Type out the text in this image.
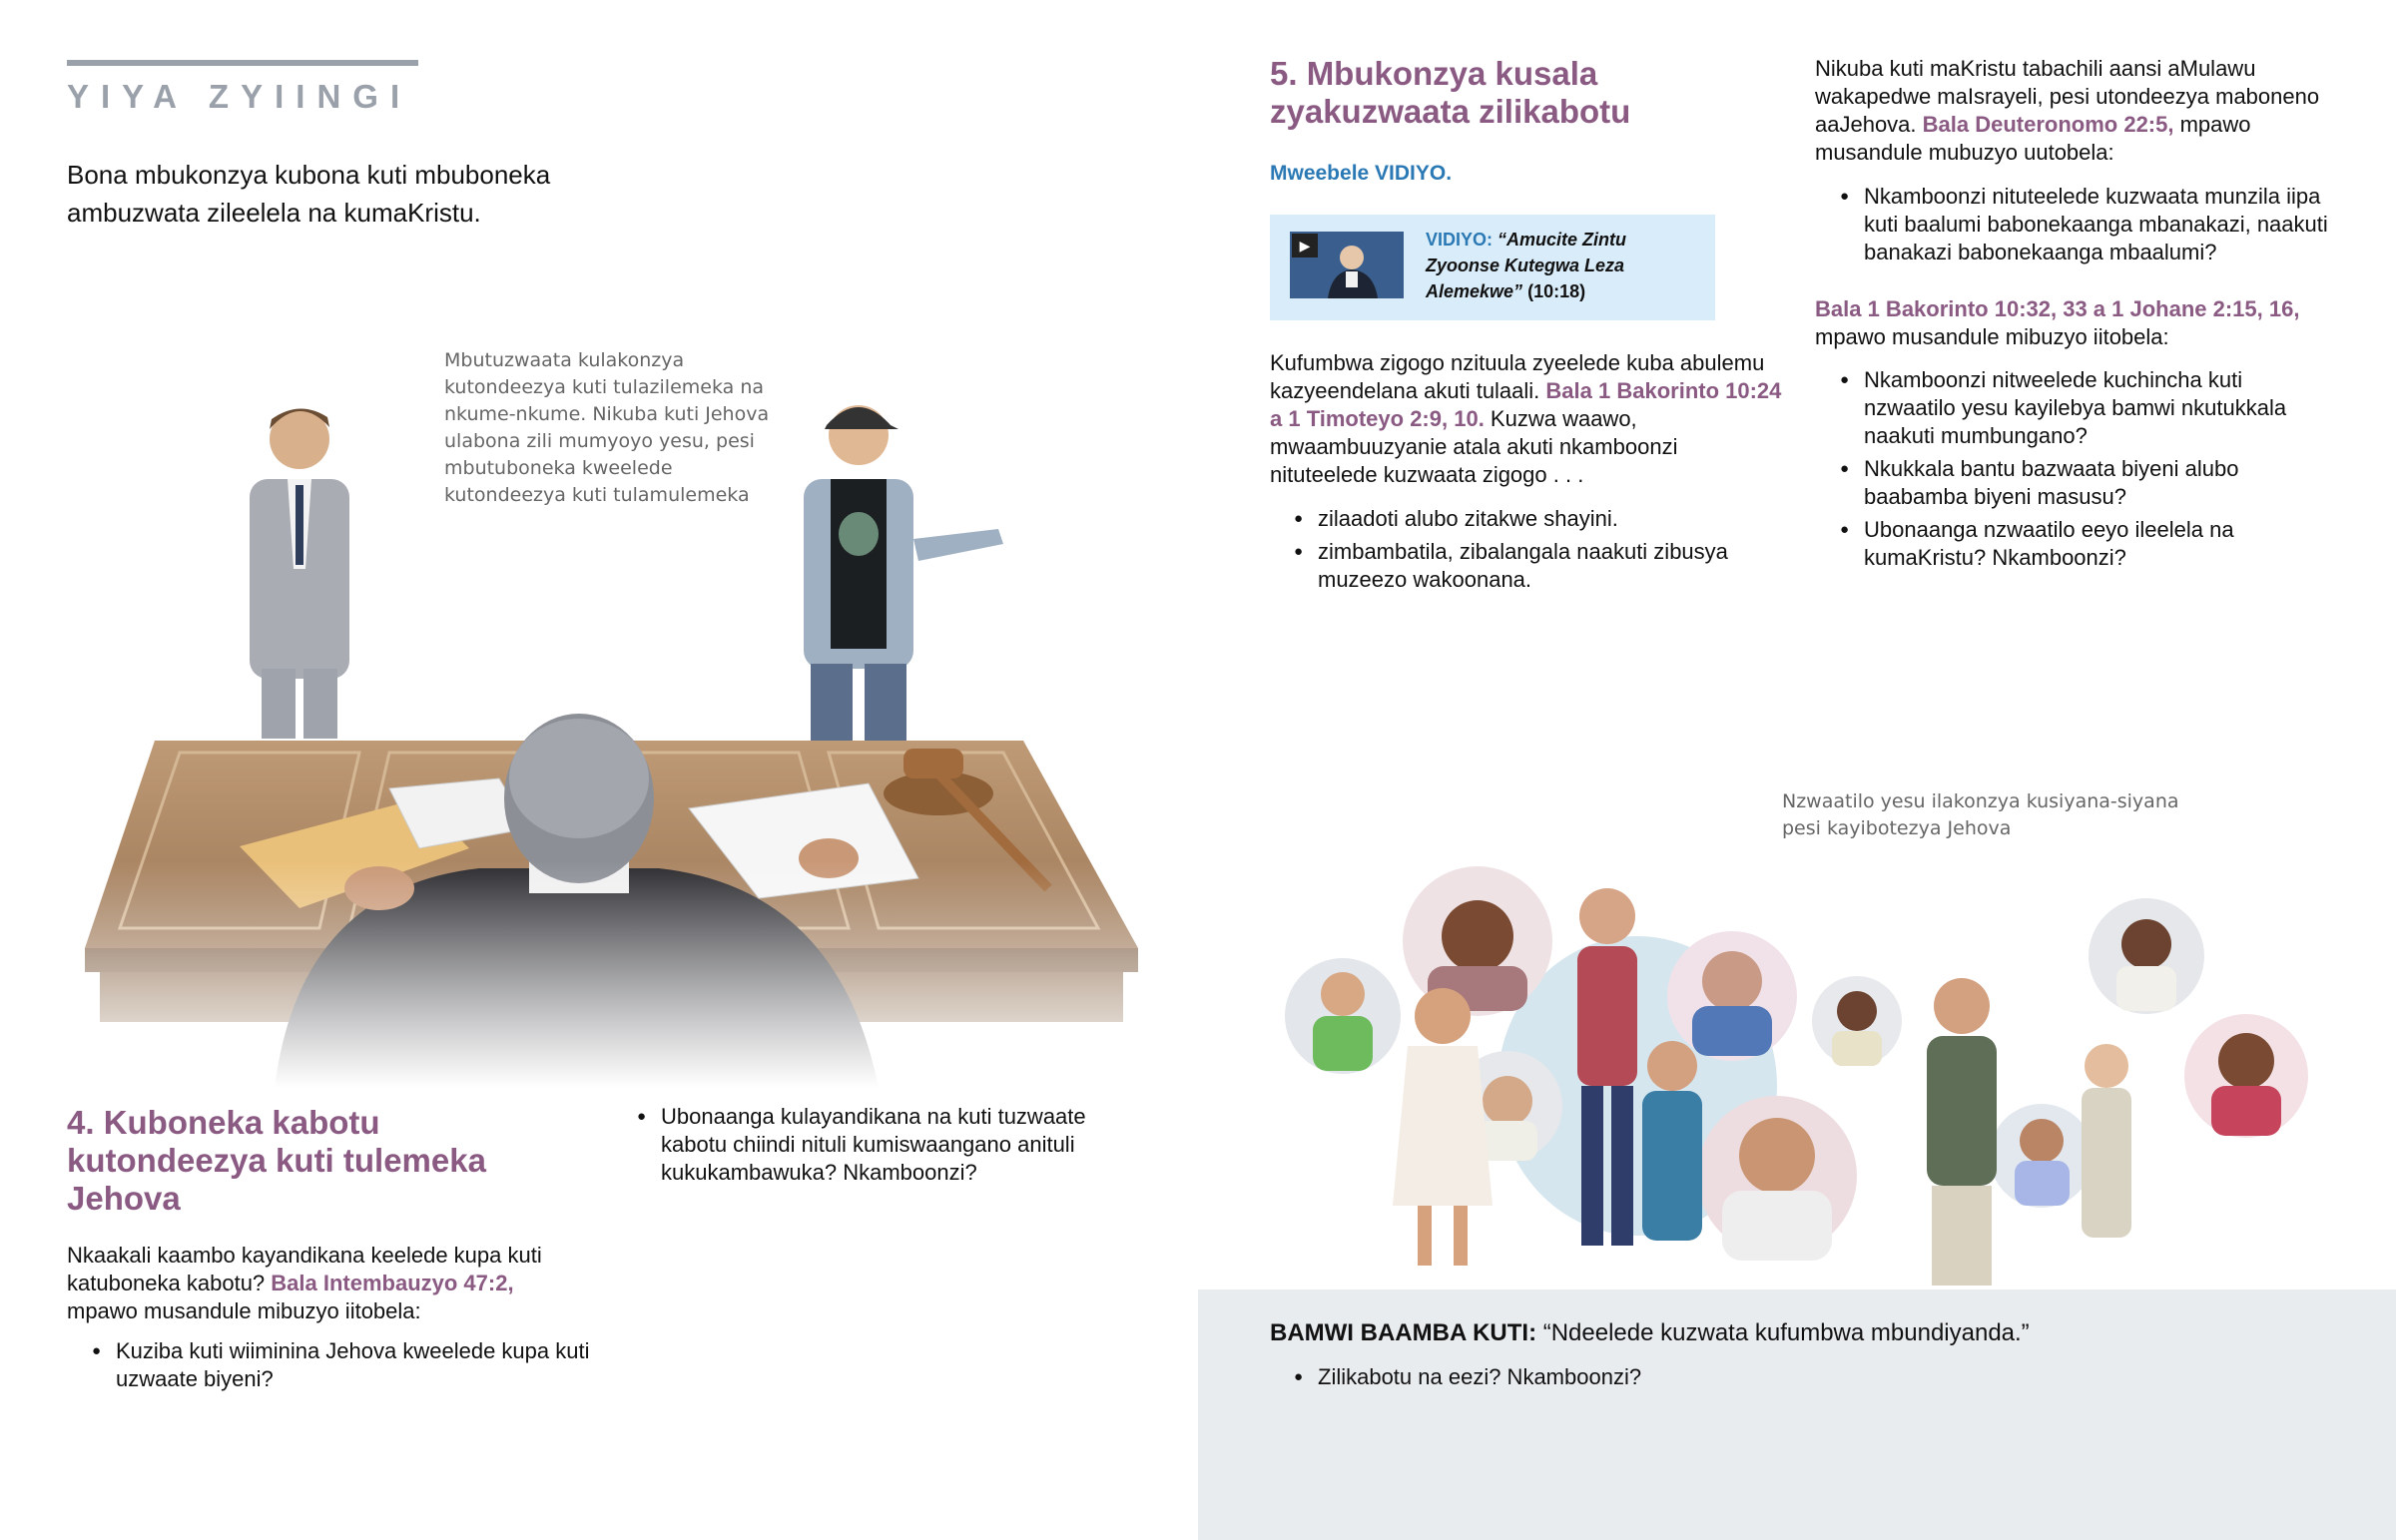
YIYA ZYIINGI
Bona mbukonzya kubona kuti mbuboneka ambuzwata zileelela na kumaKristu.
Mbutuzwaata kulakonzya kutondeezya kuti tulazilemeka na nkume-nkume. Nikuba kuti Jehova ulabona zili mumyoyo yesu, pesi mbutuboneka kweelede kutondeezya kuti tulamulemeka
4. Kuboneka kabotu kutondeezya kuti tulemeka Jehova
Nkaakali kaambo kayandikana keelede kupa kuti katuboneka kabotu? Bala Intembauzyo 47:2, mpawo musandule mibuzyo iitobela:
● Kuziba kuti wiiminina Jehova kweelede kupa kuti uzwaate biyeni?
● Ubonaanga kulayandikana na kuti tuzwaate kabotu chiindi nituli kumiswaangano anituli kukukambawuka? Nkamboonzi?
5. Mbukonzya kusala zyakuzwaata zilikabotu
Mweebele VIDIYO.
▶	VIDIYO: “Amucite Zintu Zyoonse Kutegwa Leza Alemekwe” (10:18)
Kufumbwa zigogo nzituula zyeelede kuba abulemu kazyeendelana akuti tulaali. Bala 1 Bakorinto 10:24 a 1 Timoteyo 2:9, 10. Kuzwa waawo, mwaambuuzyanie atala akuti nkamboonzi nituteelede kuzwaata zigogo . . .
● zilaadoti alubo zitakwe shayini.
● zimbambatila, zibalangala naakuti zibusya muzeezo wakoonana.
Nikuba kuti maKristu tabachili aansi aMulawu wakapedwe maIsrayeli, pesi utondeezya maboneno aaJehova. Bala Deuteronomo 22:5, mpawo musandule mubuzyo uutobela:
● Nkamboonzi nituteelede kuzwaata munzila iipa kuti baalumi babonekaanga mbanakazi, naakuti banakazi babonekaanga mbaalumi?
Bala 1 Bakorinto 10:32, 33 a 1 Johane 2:15, 16, mpawo musandule mibuzyo iitobela:
● Nkamboonzi nitweelede kuchincha kuti nzwaatilo yesu kayilebya bamwi nkutukkala naakuti mumbungano?
● Nkukkala bantu bazwaata biyeni alubo baabamba biyeni masusu?
● Ubonaanga nzwaatilo eeyo ileelela na kumaKristu? Nkamboonzi?
Nzwaatilo yesu ilakonzya kusiyana-siyana pesi kayibotezya Jehova
BAMWI BAAMBA KUTI: “Ndeelede kuzwata kufumbwa mbundiyanda.”
● Zilikabotu na eezi? Nkamboonzi?
